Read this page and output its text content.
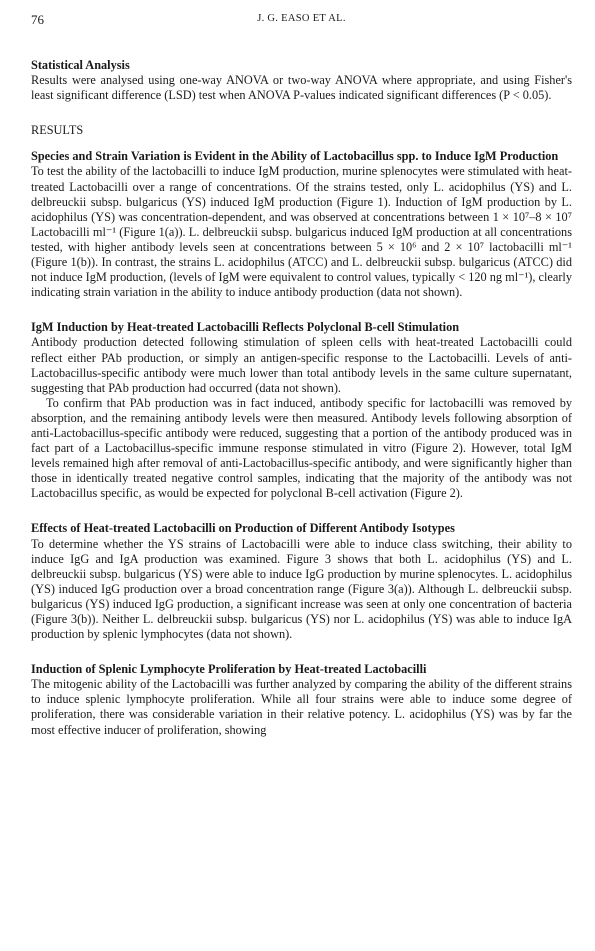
76	J. G. EASO ET AL.
Statistical Analysis

Results were analysed using one-way ANOVA or two-way ANOVA where appropriate, and using Fisher's least significant difference (LSD) test when ANOVA P-values indicated significant differences (P < 0.05).

RESULTS
Species and Strain Variation is Evident in the Ability of Lactobacillus spp. to Induce IgM Production

To test the ability of the lactobacilli to induce IgM production, murine splenocytes were stimulated with heat-treated Lactobacilli over a range of concentrations. Of the strains tested, only L. acidophilus (YS) and L. delbreuckii subsp. bulgaricus (YS) induced IgM production (Figure 1). Induction of IgM production by L. acidophilus (YS) was concentration-dependent, and was observed at concentrations between 1 × 10⁷–8 × 10⁷ Lactobacilli ml⁻¹ (Figure 1(a)). L. delbreuckii subsp. bulgaricus induced IgM production at all concentrations tested, with higher antibody levels seen at concentrations between 5 × 10⁶ and 2 × 10⁷ lactobacilli ml⁻¹ (Figure 1(b)). In contrast, the strains L. acidophilus (ATCC) and L. delbreuckii subsp. bulgaricus (ATCC) did not induce IgM production, (levels of IgM were equivalent to control values, typically < 120 ng ml⁻¹), clearly indicating strain variation in the ability to induce antibody production (data not shown).

IgM Induction by Heat-treated Lactobacilli Reflects Polyclonal B-cell Stimulation

Antibody production detected following stimulation of spleen cells with heat-treated Lactobacilli could reflect either PAb production, or simply an antigen-specific response to the Lactobacilli. Levels of anti-Lactobacillus-specific antibody were much lower than total antibody levels in the same culture supernatant, suggesting that PAb production had occurred (data not shown).

To confirm that PAb production was in fact induced, antibody specific for lactobacilli was removed by absorption, and the remaining antibody levels were then measured. Antibody levels following absorption of anti-Lactobacillus-specific antibody were reduced, suggesting that a portion of the antibody produced was in fact part of a Lactobacillus-specific immune response stimulated in vitro (Figure 2). However, total IgM levels remained high after removal of anti-Lactobacillus-specific antibody, and were significantly higher than those in identically treated negative control samples, indicating that the majority of the antibody was not Lactobacillus specific, as would be expected for polyclonal B-cell activation (Figure 2).

Effects of Heat-treated Lactobacilli on Production of Different Antibody Isotypes

To determine whether the YS strains of Lactobacilli were able to induce class switching, their ability to induce IgG and IgA production was examined. Figure 3 shows that both L. acidophilus (YS) and L. delbreuckii subsp. bulgaricus (YS) were able to induce IgG production by murine splenocytes. L. acidophilus (YS) induced IgG production over a broad concentration range (Figure 3(a)). Although L. delbreuckii subsp. bulgaricus (YS) induced IgG production, a significant increase was seen at only one concentration of bacteria (Figure 3(b)). Neither L. delbreuckii subsp. bulgaricus (YS) nor L. acidophilus (YS) was able to induce IgA production by splenic lymphocytes (data not shown).

Induction of Splenic Lymphocyte Proliferation by Heat-treated Lactobacilli

The mitogenic ability of the Lactobacilli was further analyzed by comparing the ability of the different strains to induce splenic lymphocyte proliferation. While all four strains were able to induce some degree of proliferation, there was considerable variation in their relative potency. L. acidophilus (YS) was by far the most effective inducer of proliferation, showing
